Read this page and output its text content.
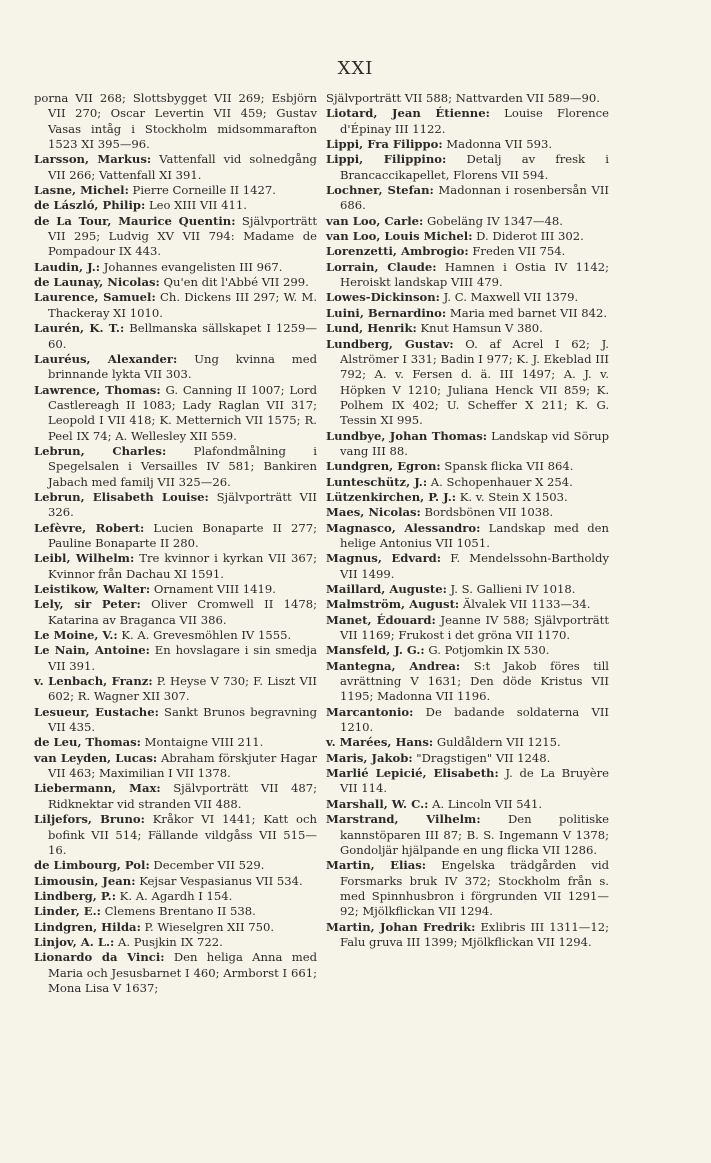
XXI
porna VII 268; Slottsbygget VII 269; Esbjörn VII 270; Oscar Levertin VII 459; Gustav Vasas intåg i Stockholm midsommarafton 1523 XI 395—96.
Larsson, Markus: Vattenfall vid solnedgång VII 266; Vattenfall XI 391.
Lasne, Michel: Pierre Corneille II 1427.
de László, Philip: Leo XIII VII 411.
de La Tour, Maurice Quentin: Självporträtt VII 295; Ludvig XV VII 794: Madame de Pompadour IX 443.
Laudin, J.: Johannes evangelisten III 967.
de Launay, Nicolas: Qu'en dit l'Abbé VII 299.
Laurence, Samuel: Ch. Dickens III 297; W. M. Thackeray XI 1010.
Laurén, K. T.: Bellmanska sällskapet I 1259—60.
Lauréus, Alexander: Ung kvinna med brinnande lykta VII 303.
Lawrence, Thomas: G. Canning II 1007; Lord Castlereagh II 1083; Lady Raglan VII 317; Leopold I VII 418; K. Metternich VII 1575; R. Peel IX 74; A. Wellesley XII 559.
Lebrun, Charles: Plafondmålning i Spegelsalen i Versailles IV 581; Bankiren Jabach med familj VII 325—26.
Lebrun, Elisabeth Louise: Självporträtt VII 326.
Lefèvre, Robert: Lucien Bonaparte II 277; Pauline Bonaparte II 280.
Leibl, Wilhelm: Tre kvinnor i kyrkan VII 367; Kvinnor från Dachau XI 1591.
Leistikow, Walter: Ornament VIII 1419.
Lely, sir Peter: Oliver Cromwell II 1478; Katarina av Braganca VII 386.
Le Moine, V.: K. A. Grevesmöhlen IV 1555.
Le Nain, Antoine: En hovslagare i sin smedja VII 391.
v. Lenbach, Franz: P. Heyse V 730; F. Liszt VII 602; R. Wagner XII 307.
Lesueur, Eustache: Sankt Brunos begravning VII 435.
de Leu, Thomas: Montaigne VIII 211.
van Leyden, Lucas: Abraham förskjuter Hagar VII 463; Maximilian I VII 1378.
Liebermann, Max: Självporträtt VII 487; Ridknektar vid stranden VII 488.
Liljefors, Bruno: Kråkor VI 1441; Katt och bofink VII 514; Fällande vildgåss VII 515—16.
de Limbourg, Pol: December VII 529.
Limousin, Jean: Kejsar Vespasianus VII 534.
Lindberg, P.: K. A. Agardh I 154.
Linder, E.: Clemens Brentano II 538.
Lindgren, Hilda: P. Wieselgren XII 750.
Linjov, A. L.: A. Pusjkin IX 722.
Lionardo da Vinci: Den heliga Anna med Maria och Jesusbarnet I 460; Armborst I 661; Mona Lisa V 1637;
Självporträtt VII 588; Nattvarden VII 589—90.
Liotard, Jean Étienne: Louise Florence d'Épinay III 1122.
Lippi, Fra Filippo: Madonna VII 593.
Lippi, Filippino: Detalj av fresk i Brancaccikapellet, Florens VII 594.
Lochner, Stefan: Madonnan i rosenbersån VII 686.
van Loo, Carle: Gobeläng IV 1347—48.
van Loo, Louis Michel: D. Diderot III 302.
Lorenzetti, Ambrogio: Freden VII 754.
Lorrain, Claude: Hamnen i Ostia IV 1142; Heroiskt landskap VIII 479.
Lowes-Dickinson: J. C. Maxwell VII 1379.
Luini, Bernardino: Maria med barnet VII 842.
Lund, Henrik: Knut Hamsun V 380.
Lundberg, Gustav: O. af Acrel I 62; J. Alströmer I 331; Badin I 977; K. J. Ekeblad III 792; A. v. Fersen d. ä. III 1497; A. J. v. Höpken V 1210; Juliana Henck VII 859; K. Polhem IX 402; U. Scheffer X 211; K. G. Tessin XI 995.
Lundbye, Johan Thomas: Landskap vid Sörup vang III 88.
Lundgren, Egron: Spansk flicka VII 864.
Lunteschütz, J.: A. Schopenhauer X 254.
Lützenkirchen, P. J.: K. v. Stein X 1503.
Maes, Nicolas: Bordsbönen VII 1038.
Magnasco, Alessandro: Landskap med den helige Antonius VII 1051.
Magnus, Edvard: F. Mendelssohn-Bartholdy VII 1499.
Maillard, Auguste: J. S. Gallieni IV 1018.
Malmström, August: Älvalek VII 1133—34.
Manet, Édouard: Jeanne IV 588; Självporträtt VII 1169; Frukost i det gröna VII 1170.
Mansfeld, J. G.: G. Potjomkin IX 530.
Mantegna, Andrea: S:t Jakob föres till avrättning V 1631; Den döde Kristus VII 1195; Madonna VII 1196.
Marcantonio: De badande soldaterna VII 1210.
v. Marées, Hans: Guldåldern VII 1215.
Maris, Jakob: "Dragstigen" VII 1248.
Marlié Lepicié, Elisabeth: J. de La Bruyère VII 114.
Marshall, W. C.: A. Lincoln VII 541.
Marstrand, Vilhelm: Den politiske kannstöparen III 87; B. S. Ingemann V 1378; Gondoljär hjälpande en ung flicka VII 1286.
Martin, Elias: Engelska trädgården vid Forsmarks bruk IV 372; Stockholm från s. med Spinnhusbron i förgrunden VII 1291—92; Mjölkflickan VII 1294.
Martin, Johan Fredrik: Exlibris III 1311—12; Falu gruva III 1399; Mjölkflickan VII 1294.
